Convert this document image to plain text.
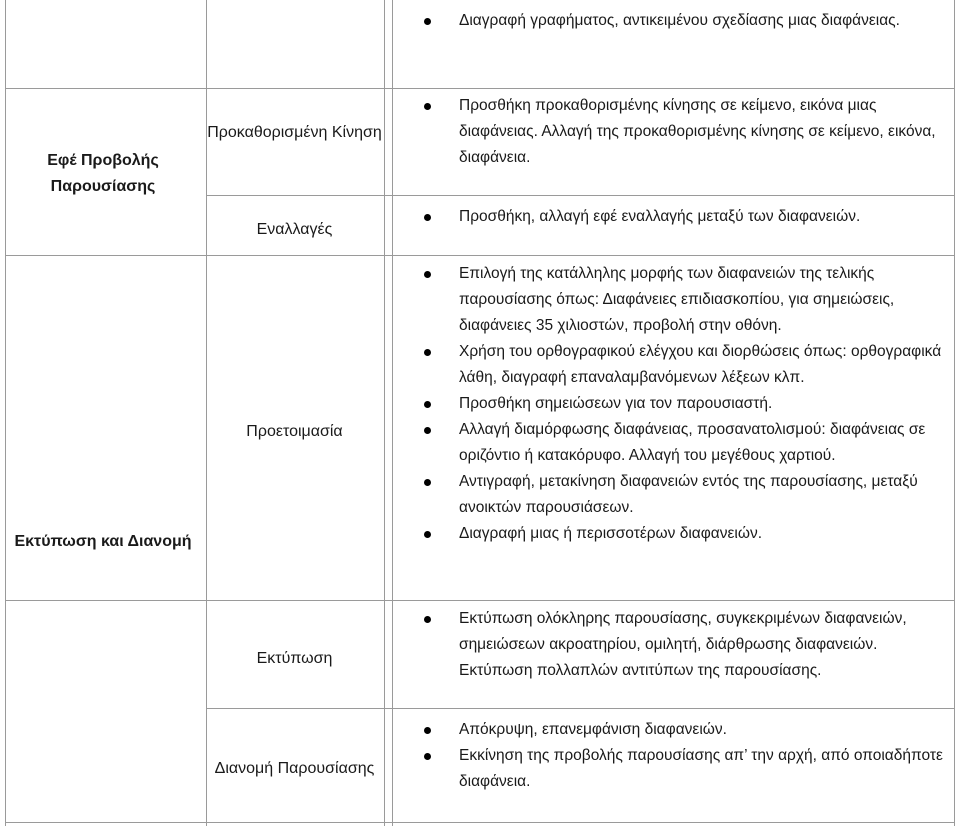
Διαγραφή γραφήματος, αντικειμένου σχεδίασης μιας διαφάνειας.
Εφέ Προβολής Παρουσίασης
Προκαθορισμένη Κίνηση
Προσθήκη προκαθορισμένης κίνησης σε κείμενο, εικόνα μιας διαφάνειας. Αλλαγή της προκαθορισμένης κίνησης σε κείμενο, εικόνα, διαφάνεια.
Εναλλαγές
Προσθήκη, αλλαγή εφέ εναλλαγής μεταξύ των διαφανειών.
Εκτύπωση και Διανομή
Προετοιμασία
Επιλογή της κατάλληλης μορφής των διαφανειών της τελικής παρουσίασης όπως: Διαφάνειες επιδιασκοπίου, για σημειώσεις, διαφάνειες 35 χιλιοστών, προβολή στην οθόνη.
Χρήση του ορθογραφικού ελέγχου και διορθώσεις όπως: ορθογραφικά λάθη, διαγραφή επαναλαμβανόμενων λέξεων κλπ.
Προσθήκη σημειώσεων για τον παρουσιαστή.
Αλλαγή διαμόρφωσης διαφάνειας, προσανατολισμού: διαφάνειας σε οριζόντιο ή κατακόρυφο. Αλλαγή του μεγέθους χαρτιού.
Αντιγραφή, μετακίνηση διαφανειών εντός της παρουσίασης, μεταξύ ανοικτών παρουσιάσεων.
Διαγραφή μιας ή περισσοτέρων διαφανειών.
Εκτύπωση
Εκτύπωση ολόκληρης παρουσίασης, συγκεκριμένων διαφανειών, σημειώσεων ακροατηρίου, ομιλητή, διάρθρωσης διαφανειών. Εκτύπωση πολλαπλών αντιτύπων της παρουσίασης.
Διανομή Παρουσίασης
Απόκρυψη, επανεμφάνιση διαφανειών.
Εκκίνηση της προβολής παρουσίασης απ’ την αρχή, από οποιαδήποτε διαφάνεια.
